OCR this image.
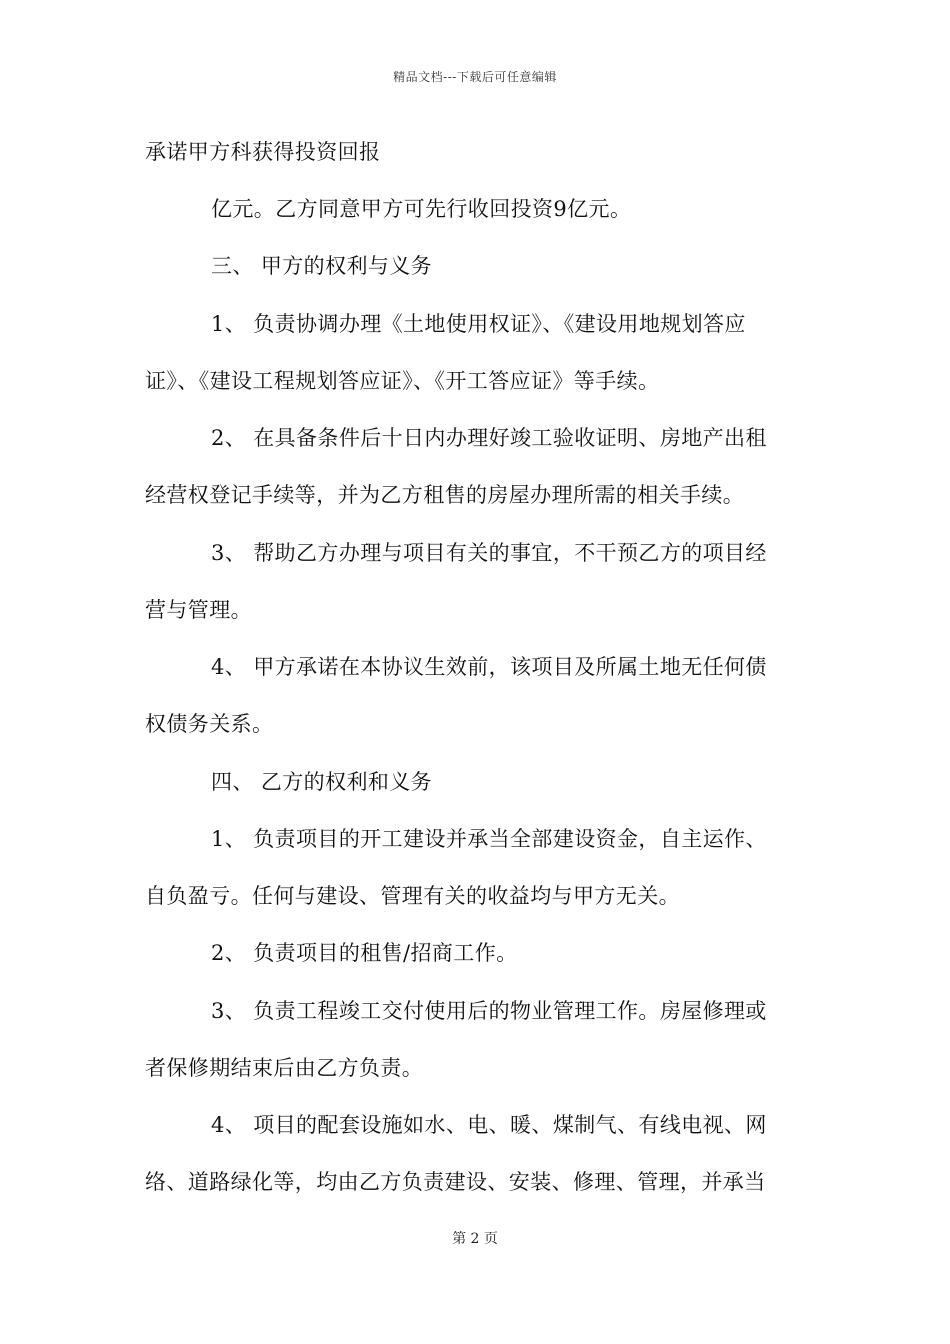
精品文档---下载后可任意编辑
承诺甲方科获得投资回报
亿元。乙方同意甲方可先行收回投资9亿元。
三、 甲方的权利与义务
1、 负责协调办理《土地使用权证》、《建设用地规划答应
证》、《建设工程规划答应证》、《开工答应证》等手续。
2、 在具备条件后十日内办理好竣工验收证明、房地产出租
经营权登记手续等，并为乙方租售的房屋办理所需的相关手续。
3、 帮助乙方办理与项目有关的事宜，不干预乙方的项目经
营与管理。
4、 甲方承诺在本协议生效前，该项目及所属土地无任何债
权债务关系。
四、 乙方的权利和义务
1、 负责项目的开工建设并承当全部建设资金，自主运作、
自负盈亏。任何与建设、管理有关的收益均与甲方无关。
2、 负责项目的租售/招商工作。
3、 负责工程竣工交付使用后的物业管理工作。房屋修理或
者保修期结束后由乙方负责。
4、 项目的配套设施如水、电、暖、煤制气、有线电视、网
络、道路绿化等，均由乙方负责建设、安装、修理、管理，并承当
第 2 页
